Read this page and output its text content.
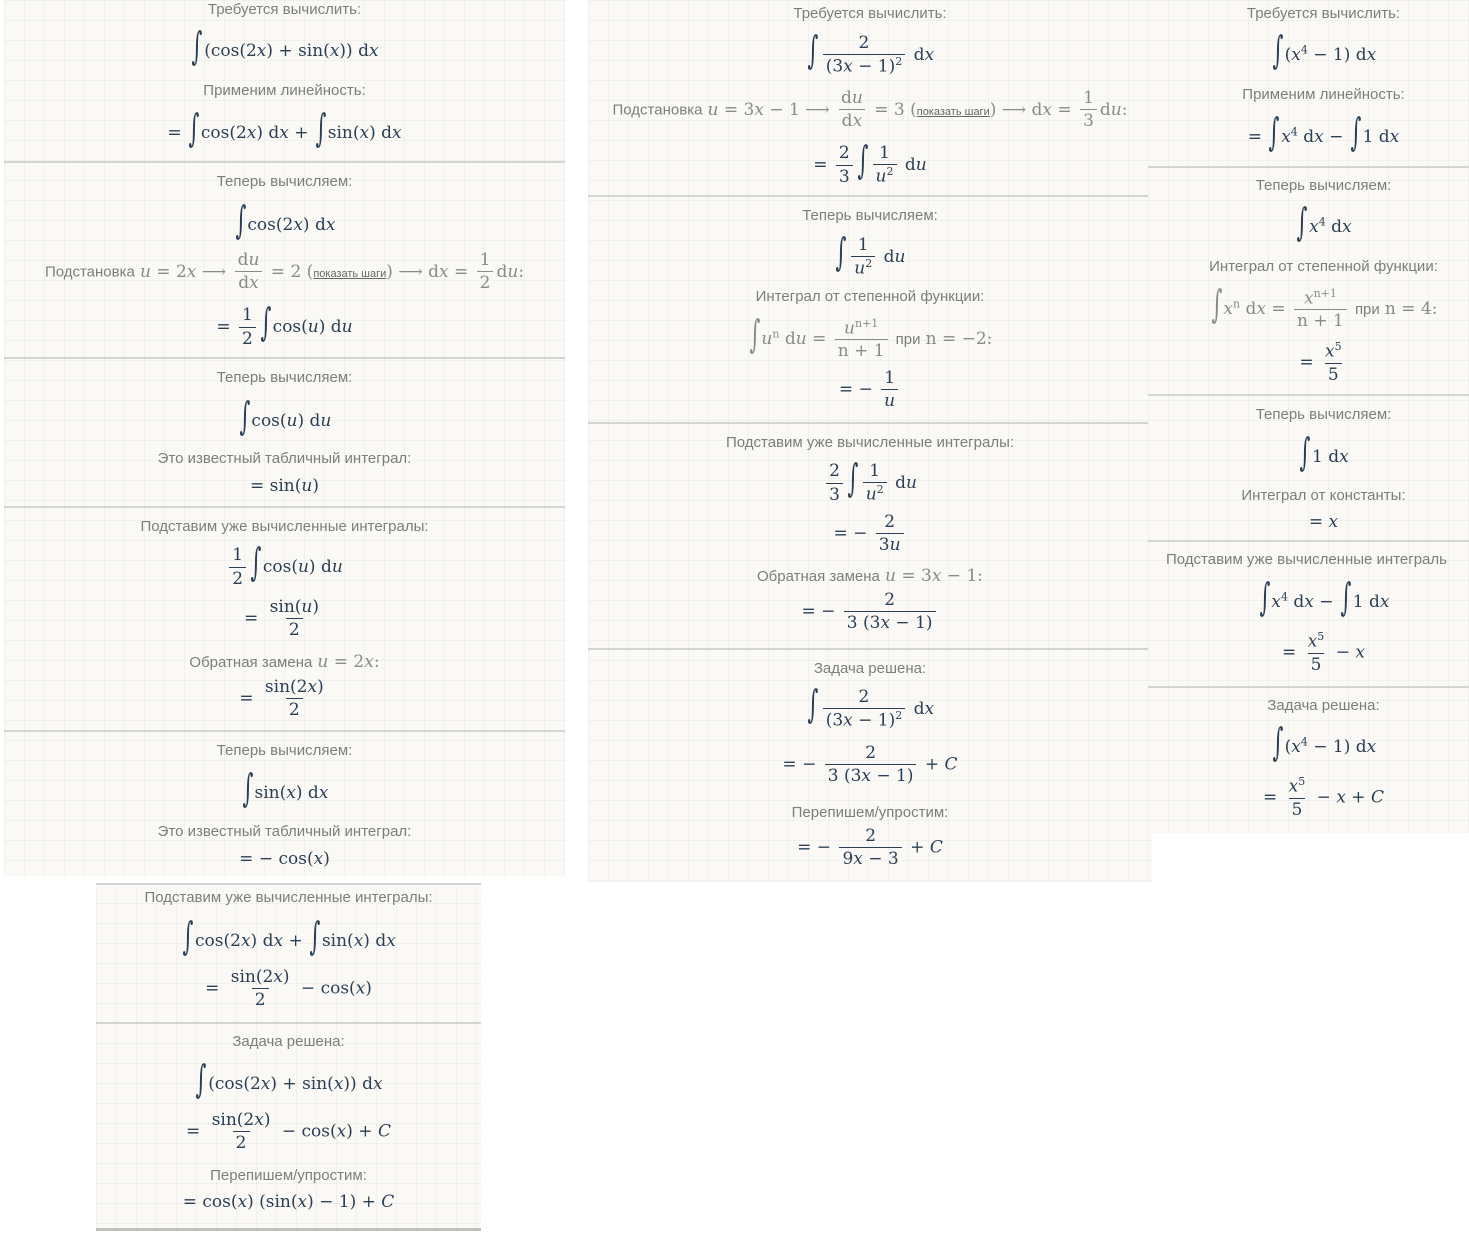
Требуется вычислить:
∫(cos(2x) + sin(x)) dx
Применим линейность:
= ∫cos(2x) dx + ∫sin(x) dx
Теперь вычисляем:
∫cos(2x) dx
Подстановка u = 2x ⟶ $\frac{du}{dx} = 2$ (показать шаги) ⟶ dx = $\frac{1}{2}$ du:
= $\frac{1}{2} \int\cos(u)$ du
Теперь вычисляем:
∫cos(u) du
Это известный табличный интеграл:
= sin(u)
Подставим уже вычисленные интегралы:
$\frac{1}{2} \int\cos(u)$ du
= $\frac{\sin(u)}{2}$
Обратная замена u = 2x:
= $\frac{\sin(2x)}{2}$
Теперь вычисляем:
∫sin(x) dx
Это известный табличный интеграл:
= − cos(x)
Подставим уже вычисленные интегралы:
∫cos(2x) dx + ∫sin(x) dx
= $\frac{\sin(2x)}{2} - \cos(x)$
Задача решена:
∫(cos(2x) + sin(x)) dx
= $\frac{\sin(2x)}{2} - \cos(x) + C$
Перепишем/упростим:
= cos(x) (sin(x) − 1) + C
Требуется вычислить:
∫ $\frac{2}{(3x - 1)^2}$ dx
Подстановка u = 3x − 1 ⟶ $\frac{du}{dx} = 3$ (показать шаги) ⟶ dx = $\frac{1}{3}$ du:
= $\frac{2}{3}$ ∫ $\frac{1}{u^2}$ du
Теперь вычисляем:
∫ $\frac{1}{u^2}$ du
Интеграл от степенной функции:
$\int u^n$ du = $\frac{u^{n+1}}{n + 1}$ при n = −2:
= − $\frac{1}{u}$
Подставим уже вычисленные интегралы:
$\frac{2}{3}$ ∫ $\frac{1}{u^2}$ du
= − $\frac{2}{3u}$
Обратная замена u = 3x − 1:
= − $\frac{2}{3 (3x - 1)}$
Задача решена:
∫ $\frac{2}{(3x - 1)^2}$ dx
= − $\frac{2}{3 (3x - 1)} + C$
Перепишем/упростим:
= − $\frac{2}{9x - 3} + C$
Требуется вычислить:
$\int(x^4 - 1)$ dx
Применим линейность:
= $\int x^4$ dx − ∫1 dx
Теперь вычисляем:
$\int x^4$ dx
Интеграл от степенной функции:
$\int x^n$ dx = $\frac{x^{n+1}}{n + 1}$ при n = 4:
= $\frac{x^5}{5}$
Теперь вычисляем:
∫1 dx
Интеграл от константы:
= x
Подставим уже вычисленные интеграль
$\int x^4$ dx − ∫1 dx
= $\frac{x^5}{5} - x$
Задача решена:
$\int(x^4 - 1)$ dx
= $\frac{x^5}{5} - x + C$
